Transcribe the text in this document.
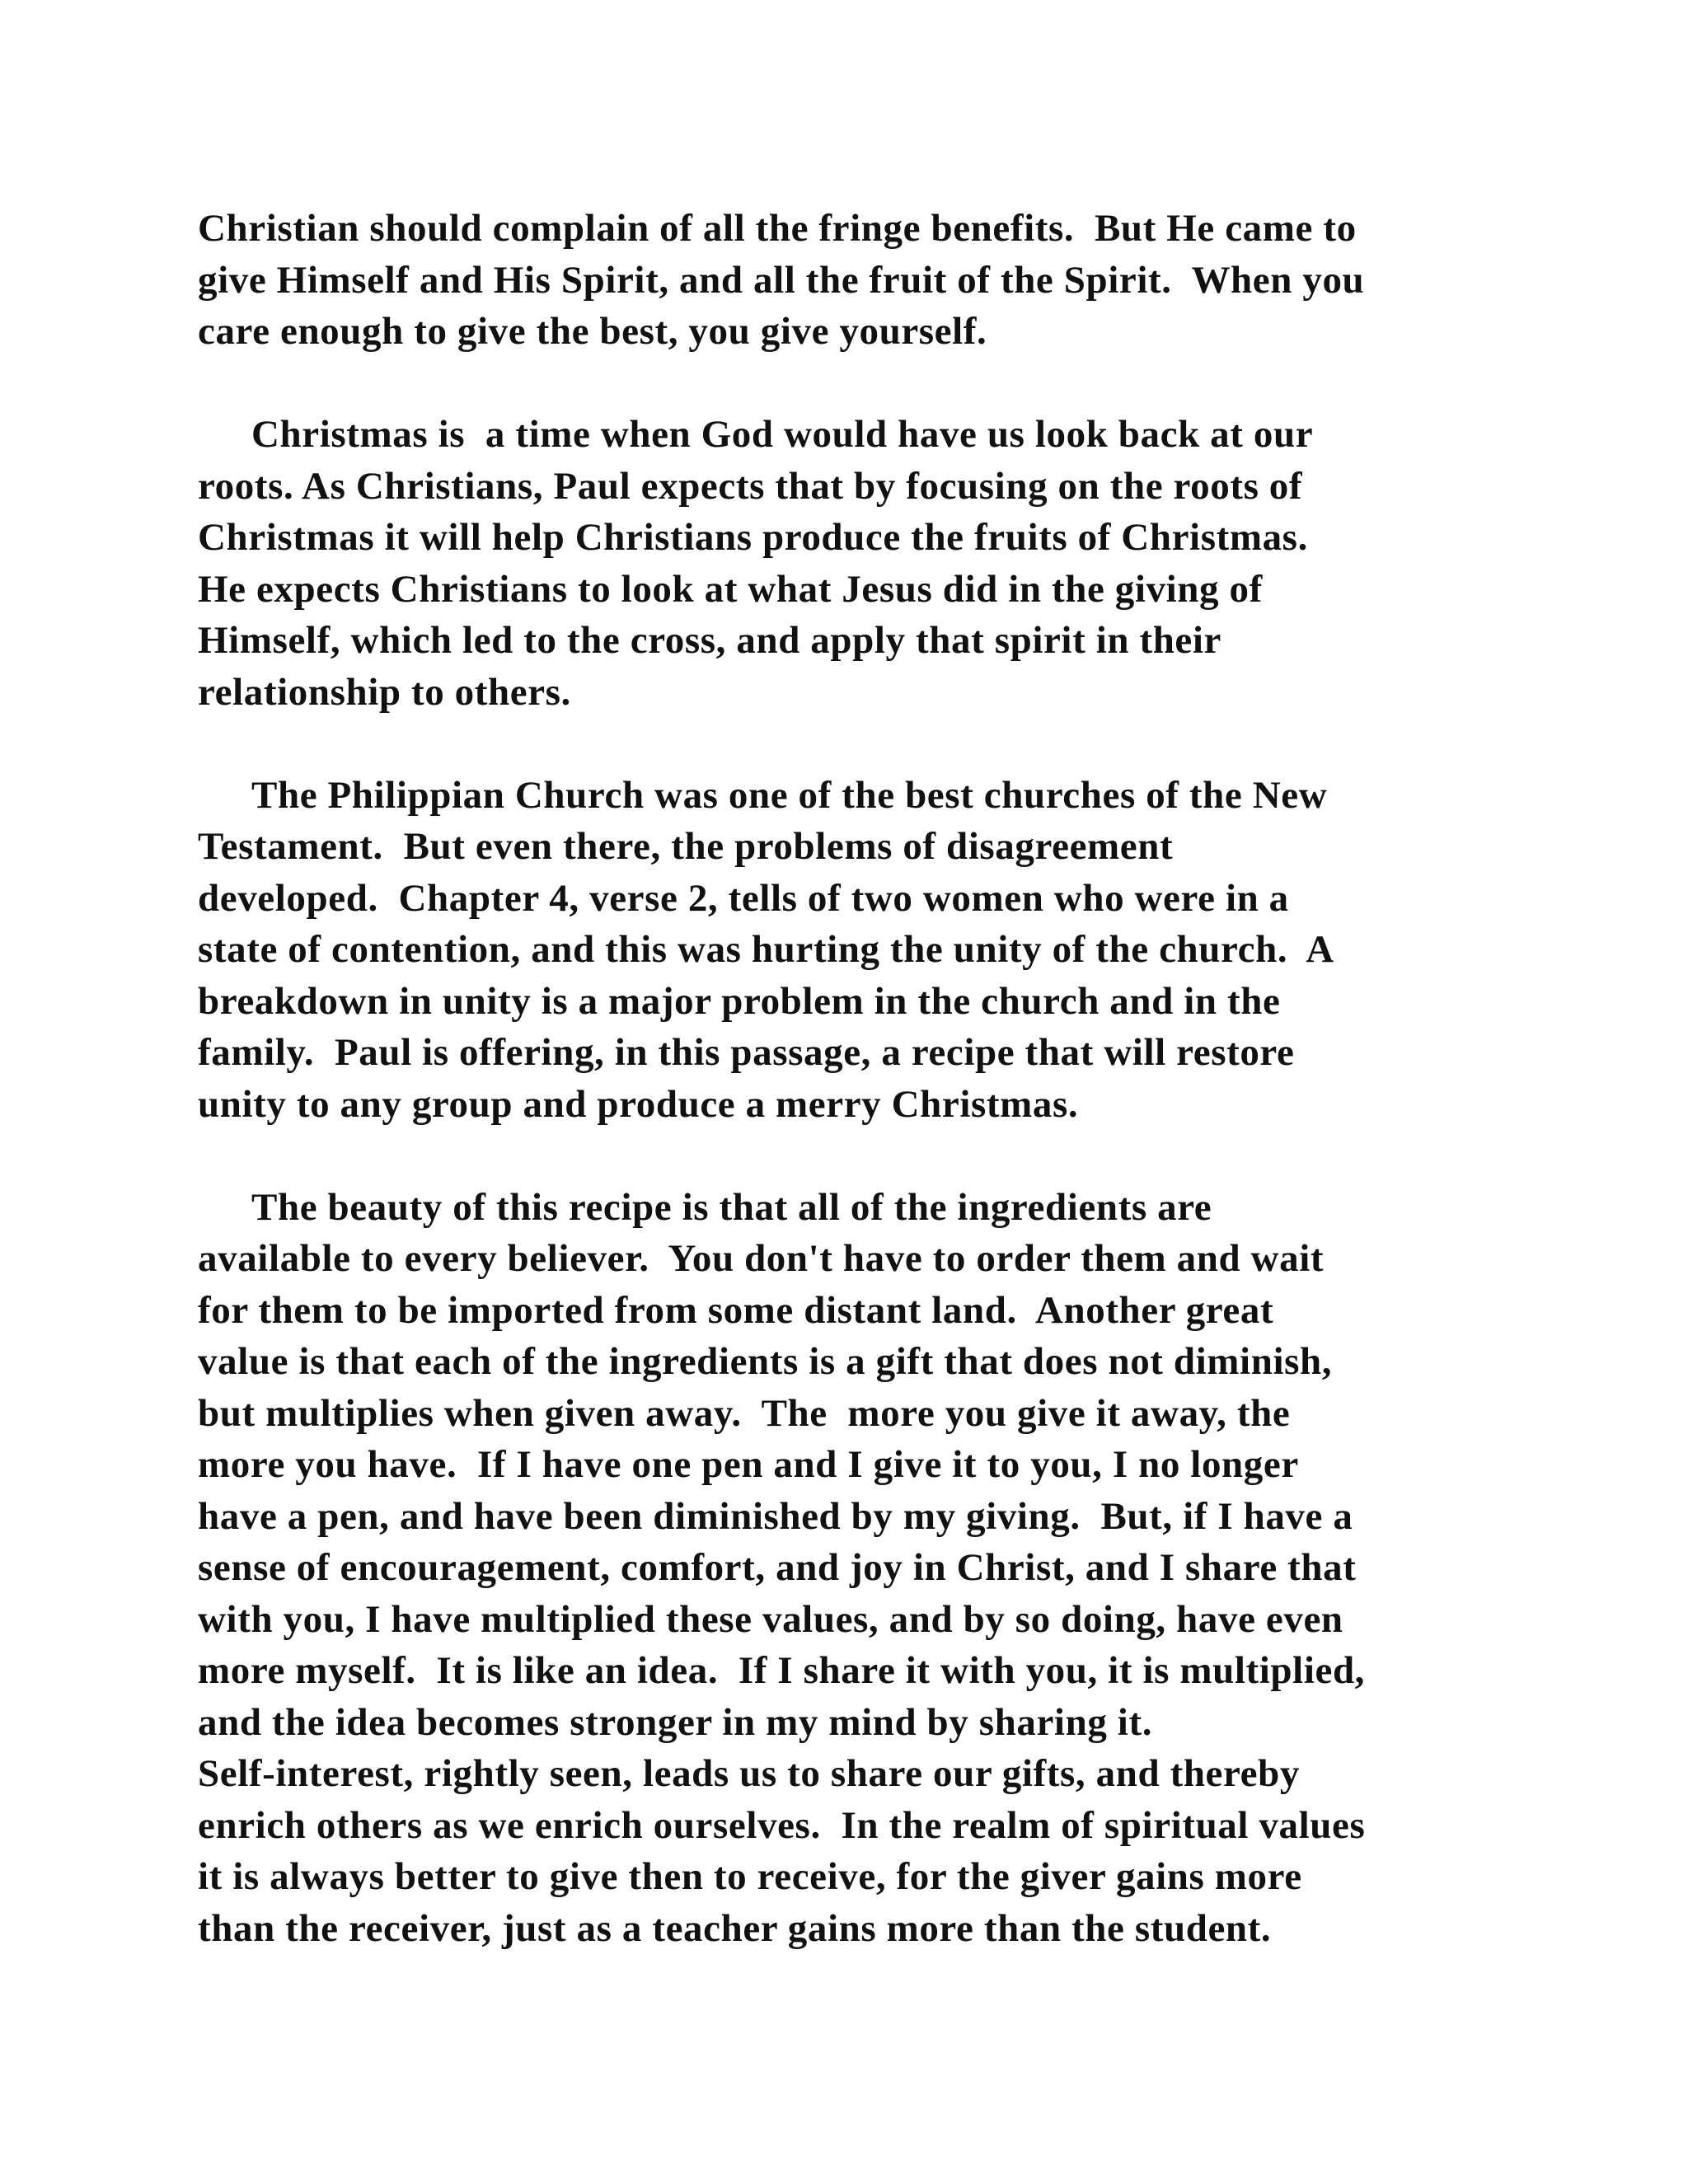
Christian should complain of all the fringe benefits.  But He came to
give Himself and His Spirit, and all the fruit of the Spirit.  When you
care enough to give the best, you give yourself.
Christmas is  a time when God would have us look back at our
roots. As Christians, Paul expects that by focusing on the roots of
Christmas it will help Christians produce the fruits of Christmas.
He expects Christians to look at what Jesus did in the giving of
Himself, which led to the cross, and apply that spirit in their
relationship to others.
The Philippian Church was one of the best churches of the New
Testament.  But even there, the problems of disagreement
developed.  Chapter 4, verse 2, tells of two women who were in a
state of contention, and this was hurting the unity of the church.  A
breakdown in unity is a major problem in the church and in the
family.  Paul is offering, in this passage, a recipe that will restore
unity to any group and produce a merry Christmas.
The beauty of this recipe is that all of the ingredients are
available to every believer.  You don't have to order them and wait
for them to be imported from some distant land.  Another great
value is that each of the ingredients is a gift that does not diminish,
but multiplies when given away.  The  more you give it away, the
more you have.  If I have one pen and I give it to you, I no longer
have a pen, and have been diminished by my giving.  But, if I have a
sense of encouragement, comfort, and joy in Christ, and I share that
with you, I have multiplied these values, and by so doing, have even
more myself.  It is like an idea.  If I share it with you, it is multiplied,
and the idea becomes stronger in my mind by sharing it.
Self-interest, rightly seen, leads us to share our gifts, and thereby
enrich others as we enrich ourselves.  In the realm of spiritual values
it is always better to give then to receive, for the giver gains more
than the receiver, just as a teacher gains more than the student.
